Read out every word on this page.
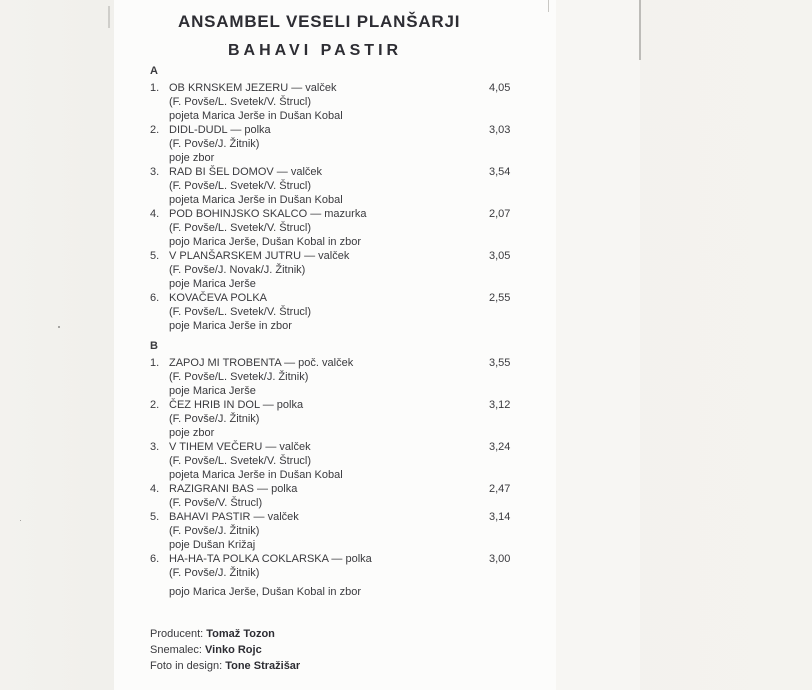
ANSAMBEL VESELI PLANŠARJI
BAHAVI PASTIR
A
1. OB KRNSKEM JEZERU — valček
(F. Povše/L. Svetek/V. Štrucl)
pojeta Marica Jerše in Dušan Kobal
4,05
2. DIDL-DUDL — polka
(F. Povše/J. Žitnik)
poje zbor
3,03
3. RAD BI ŠEL DOMOV — valček
(F. Povše/L. Svetek/V. Štrucl)
pojeta Marica Jerše in Dušan Kobal
3,54
4. POD BOHINJSKO SKALCO — mazurka
(F. Povše/L. Svetek/V. Štrucl)
pojo Marica Jerše, Dušan Kobal in zbor
2,07
5. V PLANŠARSKEM JUTRU — valček
(F. Povše/J. Novak/J. Žitnik)
poje Marica Jerše
3,05
6. KOVAČEVA POLKA
(F. Povše/L. Svetek/V. Štrucl)
poje Marica Jerše in zbor
2,55
B
1. ZAPOJ MI TROBENTA — poč. valček
(F. Povše/L. Svetek/J. Žitnik)
poje Marica Jerše
3,55
2. ČEZ HRIB IN DOL — polka
(F. Povše/J. Žitnik)
poje zbor
3,12
3. V TIHEM VEČERU — valček
(F. Povše/L. Svetek/V. Štrucl)
pojeta Marica Jerše in Dušan Kobal
3,24
4. RAZIGRANI BAS — polka
(F. Povše/V. Štrucl)
2,47
5. BAHAVI PASTIR — valček
(F. Povše/J. Žitnik)
poje Dušan Križaj
3,14
6. HA-HA-TA POLKA COKLARSKA — polka
(F. Povše/J. Žitnik)
pojo Marica Jerše, Dušan Kobal in zbor
3,00
Producent: Tomaž Tozon
Snemalec: Vinko Rojc
Foto in design: Tone Stražišar
